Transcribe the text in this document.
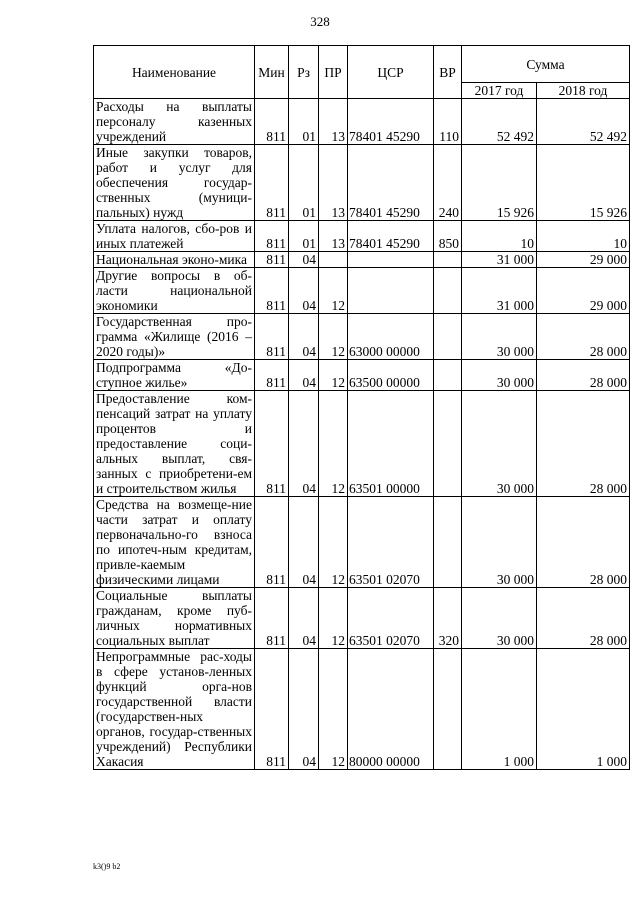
328
Наименование	Мин	Рз	ПР	ЦСР	ВР	Сумма	
						2017 год	2018 год
Расходы на выплаты персоналу казенных учреждений	811	01	13	78401 45290	110	52 492	52 492
Иные закупки товаров, работ и услуг для обеспечения государ-ственных (муници-пальных) нужд	811	01	13	78401 45290	240	15 926	15 926
Уплата налогов, сбо-ров и иных платежей	811	01	13	78401 45290	850	10	10
Национальная эконо-мика	811	04				31 000	29 000
Другие вопросы в об-ласти национальной экономики	811	04	12			31 000	29 000
Государственная про-грамма «Жилище (2016 – 2020 годы)»	811	04	12	63000 00000		30 000	28 000
Подпрограмма «До-ступное жилье»	811	04	12	63500 00000		30 000	28 000
Предоставление ком-пенсаций затрат на уплату процентов и предоставление соци-альных выплат, свя-занных с приобретени-ем и строительством жилья	811	04	12	63501 00000		30 000	28 000
Средства на возмеще-ние части затрат и оплату первоначально-го взноса по ипотеч-ным кредитам, привле-каемым физическими лицами	811	04	12	63501 02070		30 000	28 000
Социальные выплаты гражданам, кроме пуб-личных нормативных социальных выплат	811	04	12	63501 02070	320	30 000	28 000
Непрограммные рас-ходы в сфере установ-ленных функций орга-нов государственной власти (государствен-ных органов, государ-ственных учреждений) Республики Хакасия	811	04	12	80000 00000		1 000	1 000
k3()9 b2
